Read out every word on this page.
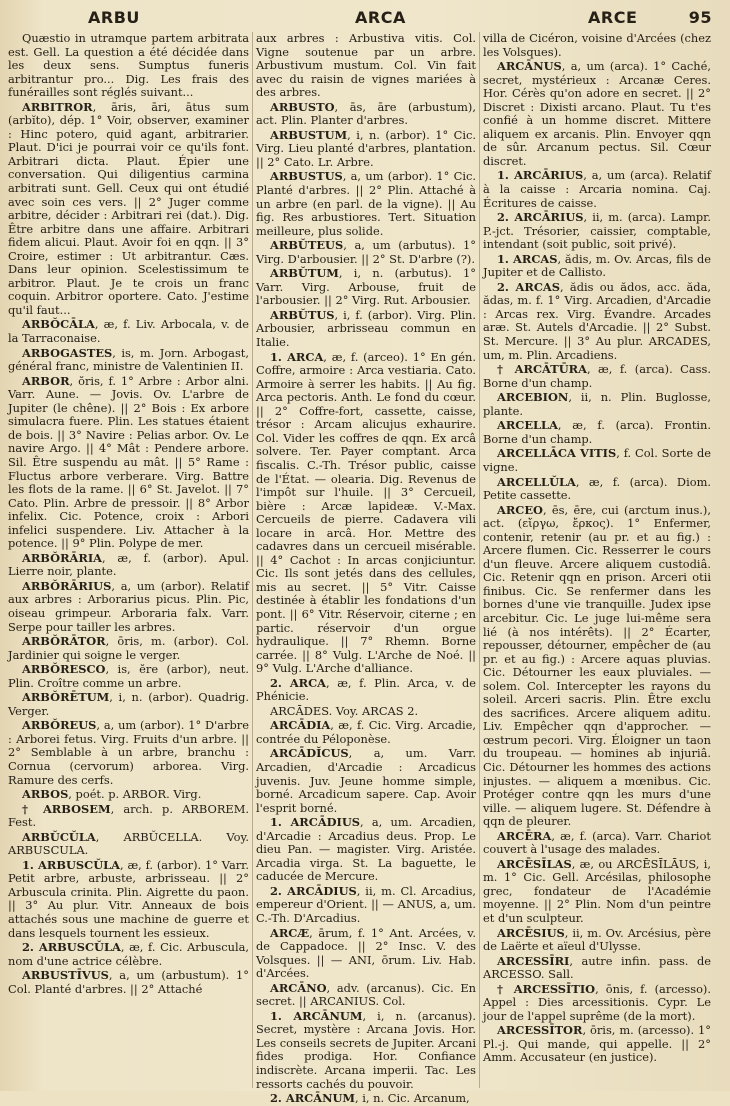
ARBU	ARCA	ARCE	95
Quæstio in utramque partem arbitrata est. Gell. La question a été décidée dans les deux sens. Sumptus funeris arbitrantur pro... Dig. Les frais des funérailles sont réglés suivant...
ARBITROR, āris, āri, ātus sum (arbĭto), dép. 1° Voir, observer, examiner : Hinc potero, quid agant, arbitrarier. Plaut. D'ici je pourrai voir ce qu'ils font. Arbitrari dicta. Plaut. Épier une conversation. Qui diligentius carmina arbitrati sunt. Gell. Ceux qui ont étudié avec soin ces vers. || 2° Juger comme arbitre, décider : Arbitrari rei (dat.). Dig. Être arbitre dans une affaire. Arbitrari fidem alicui. Plaut. Avoir foi en qqn. || 3° Croire, estimer : Ut arbitrantur. Cæs. Dans leur opinion. Scelestissimum te arbitror. Plaut. Je te crois un franc coquin. Arbitror oportere. Cato. J'estime qu'il faut...
ARBŎCĀLA, æ, f. Liv. Arbocala, v. de la Tarraconaise.
ARBOGASTES, is, m. Jorn. Arbogast, général franc, ministre de Valentinien II.
ARBOR, ŏris, f. 1° Arbre : Arbor alni. Varr. Aune. — Jovis. Ov. L'arbre de Jupiter (le chêne). || 2° Bois : Ex arbore simulacra fuere. Plin. Les statues étaient de bois. || 3° Navire : Pelias arbor. Ov. Le navire Argo. || 4° Mât : Pendere arbore. Sil. Être suspendu au mât. || 5° Rame : Fluctus arbore verberare. Virg. Battre les flots de la rame. || 6° St. Javelot. || 7° Cato. Plin. Arbre de pressoir. || 8° Arbor infelix. Cic. Potence, croix : Arbori infelici suspendere. Liv. Attacher à la potence. || 9° Plin. Polype de mer.
ARBŎRĀRIA, æ, f. (arbor). Apul. Lierre noir, plante.
ARBŎRĀRIUS, a, um (arbor). Relatif aux arbres : Arborarius picus. Plin. Pic, oiseau grimpeur. Arboraria falx. Varr. Serpe pour tailler les arbres.
ARBŎRĀTOR, ōris, m. (arbor). Col. Jardinier qui soigne le verger.
ARBŎRESCO, is, ĕre (arbor), neut. Plin. Croître comme un arbre.
ARBŎRĒTUM, i, n. (arbor). Quadrig. Verger.
ARBŎREUS, a, um (arbor). 1° D'arbre : Arborei fetus. Virg. Fruits d'un arbre. || 2° Semblable à un arbre, branchu : Cornua (cervorum) arborea. Virg. Ramure des cerfs.
ARBOS, poét. p. ARBOR. Virg.
† ARBOSEM, arch. p. ARBOREM. Fest.
ARBŬCŬLA, ARBŬCELLA. Voy. ARBUSCULA.
1. ARBUSCŬLA, æ, f. (arbor). 1° Varr. Petit arbre, arbuste, arbrisseau. || 2° Arbuscula crinita. Plin. Aigrette du paon. || 3° Au plur. Vitr. Anneaux de bois attachés sous une machine de guerre et dans lesquels tournent les essieux.
2. ARBUSCŬLA, æ, f. Cic. Arbuscula, nom d'une actrice célèbre.
ARBUSTĪVUS, a, um (arbustum). 1° Col. Planté d'arbres. || 2° Attaché
aux arbres : Arbustiva vitis. Col. Vigne soutenue par un arbre. Arbustivum mustum. Col. Vin fait avec du raisin de vignes mariées à des arbres.
ARBUSTO, ās, āre (arbustum), act. Plin. Planter d'arbres.
ARBUSTUM, i, n. (arbor). 1° Cic. Virg. Lieu planté d'arbres, plantation. || 2° Cato. Lr. Arbre.
ARBUSTUS, a, um (arbor). 1° Cic. Planté d'arbres. || 2° Plin. Attaché à un arbre (en parl. de la vigne). || Au fig. Res arbustiores. Tert. Situation meilleure, plus solide.
ARBŬTEUS, a, um (arbutus). 1° Virg. D'arbousier. || 2° St. D'arbre (?).
ARBŬTUM, i, n. (arbutus). 1° Varr. Virg. Arbouse, fruit de l'arbousier. || 2° Virg. Rut. Arbousier.
ARBŬTUS, i, f. (arbor). Virg. Plin. Arbousier, arbrisseau commun en Italie.
1. ARCA, æ, f. (arceo). 1° En gén. Coffre, armoire : Arca vestiaria. Cato. Armoire à serrer les habits. || Au fig. Arca pectoris. Anth. Le fond du cœur. || 2° Coffre-fort, cassette, caisse, trésor : Arcam alicujus exhaurire. Col. Vider les coffres de qqn. Ex arcâ solvere. Ter. Payer comptant. Arca fiscalis. C.-Th. Trésor public, caisse de l'État. — olearia. Dig. Revenus de l'impôt sur l'huile. || 3° Cercueil, bière : Arcæ lapideæ. V.-Max. Cercueils de pierre. Cadavera vili locare in arcâ. Hor. Mettre des cadavres dans un cercueil misérable. || 4° Cachot : In arcas conjiciuntur. Cic. Ils sont jetés dans des cellules, mis au secret. || 5° Vitr. Caisse destinée à établir les fondations d'un pont. || 6° Vitr. Réservoir, citerne ; en partic. réservoir d'un orgue hydraulique. || 7° Rhemn. Borne carrée. || 8° Vulg. L'Arche de Noé. || 9° Vulg. L'Arche d'alliance.
2. ARCA, æ, f. Plin. Arca, v. de Phénicie.
ARCĀDES. Voy. ARCAS 2.
ARCĀDIA, æ, f. Cic. Virg. Arcadie, contrée du Péloponèse.
ARCĀDĬCUS, a, um. Varr. Arcadien, d'Arcadie : Arcadicus juvenis. Juv. Jeune homme simple, borné. Arcadicum sapere. Cap. Avoir l'esprit borné.
1. ARCĀDIUS, a, um. Arcadien, d'Arcadie : Arcadius deus. Prop. Le dieu Pan. — magister. Virg. Aristée. Arcadia virga. St. La baguette, le caducée de Mercure.
2. ARCĀDIUS, ii, m. Cl. Arcadius, empereur d'Orient. || — ANUS, a, um. C.-Th. D'Arcadius.
ARCÆ, ārum, f. 1° Ant. Arcées, v. de Cappadoce. || 2° Insc. V. des Volsques. || — ANI, ōrum. Liv. Hab. d'Arcées.
ARCĀNO, adv. (arcanus). Cic. En secret. || ARCANIUS. Col.
1. ARCĀNUM, i, n. (arcanus). Secret, mystère : Arcana Jovis. Hor. Les conseils secrets de Jupiter. Arcani fides prodiga. Hor. Confiance indiscrète. Arcana imperii. Tac. Les ressorts cachés du pouvoir.
2. ARCĀNUM, i, n. Cic. Arcanum,
villa de Cicéron, voisine d'Arcées (chez les Volsques).
ARCĀNUS, a, um (arca). 1° Caché, secret, mystérieux : Arcanæ Ceres. Hor. Cérès qu'on adore en secret. || 2° Discret : Dixisti arcano. Plaut. Tu t'es confié à un homme discret. Mittere aliquem ex arcanis. Plin. Envoyer qqn de sûr. Arcanum pectus. Sil. Cœur discret.
1. ARCĀRIUS, a, um (arca). Relatif à la caisse : Arcaria nomina. Caj. Écritures de caisse.
2. ARCĀRIUS, ii, m. (arca). Lampr. P.-jct. Trésorier, caissier, comptable, intendant (soit public, soit privé).
1. ARCAS, ădis, m. Ov. Arcas, fils de Jupiter et de Callisto.
2. ARCAS, ădis ou ădos, acc. ăda, ădas, m. f. 1° Virg. Arcadien, d'Arcadie : Arcas rex. Virg. Évandre. Arcades aræ. St. Autels d'Arcadie. || 2° Subst. St. Mercure. || 3° Au plur. ARCADES, um, m. Plin. Arcadiens.
† ARCĀTŪRA, æ, f. (arca). Cass. Borne d'un champ.
ARCEBION, ii, n. Plin. Buglosse, plante.
ARCELLA, æ, f. (arca). Frontin. Borne d'un champ.
ARCELLĀCA VITIS, f. Col. Sorte de vigne.
ARCELLŬLA, æ, f. (arca). Diom. Petite cassette.
ARCEO, ēs, ēre, cui (arctum inus.), act. (εἴργω, ἔρκος). 1° Enfermer, contenir, retenir (au pr. et au fig.) : Arcere flumen. Cic. Resserrer le cours d'un fleuve. Arcere aliquem custodiâ. Cic. Retenir qqn en prison. Arceri otii finibus. Cic. Se renfermer dans les bornes d'une vie tranquille. Judex ipse arcebitur. Cic. Le juge lui-même sera lié (à nos intérêts). || 2° Écarter, repousser, détourner, empêcher de (au pr. et au fig.) : Arcere aquas pluvias. Cic. Détourner les eaux pluviales. — solem. Col. Intercepter les rayons du soleil. Arceri sacris. Plin. Être exclu des sacrifices. Arcere aliquem aditu. Liv. Empêcher qqn d'approcher. — œstrum pecori. Virg. Éloigner un taon du troupeau. — homines ab injuriâ. Cic. Détourner les hommes des actions injustes. — aliquem a mœnibus. Cic. Protéger contre qqn les murs d'une ville. — aliquem lugere. St. Défendre à qqn de pleurer.
ARCĒRA, æ, f. (arca). Varr. Chariot couvert à l'usage des malades.
ARCĒSĪLAS, æ, ou ARCĒSĪLĀUS, i, m. 1° Cic. Gell. Arcésilas, philosophe grec, fondateur de l'Académie moyenne. || 2° Plin. Nom d'un peintre et d'un sculpteur.
ARCĒSIUS, ii, m. Ov. Arcésius, père de Laërte et aïeul d'Ulysse.
ARCESSĪRI, autre infin. pass. de ARCESSO. Sall.
† ARCESSĪTIO, ōnis, f. (arcesso). Appel : Dies arcessitionis. Cypr. Le jour de l'appel suprême (de la mort).
ARCESSĪTOR, ōris, m. (arcesso). 1° Pl.-j. Qui mande, qui appelle. || 2° Amm. Accusateur (en justice).
